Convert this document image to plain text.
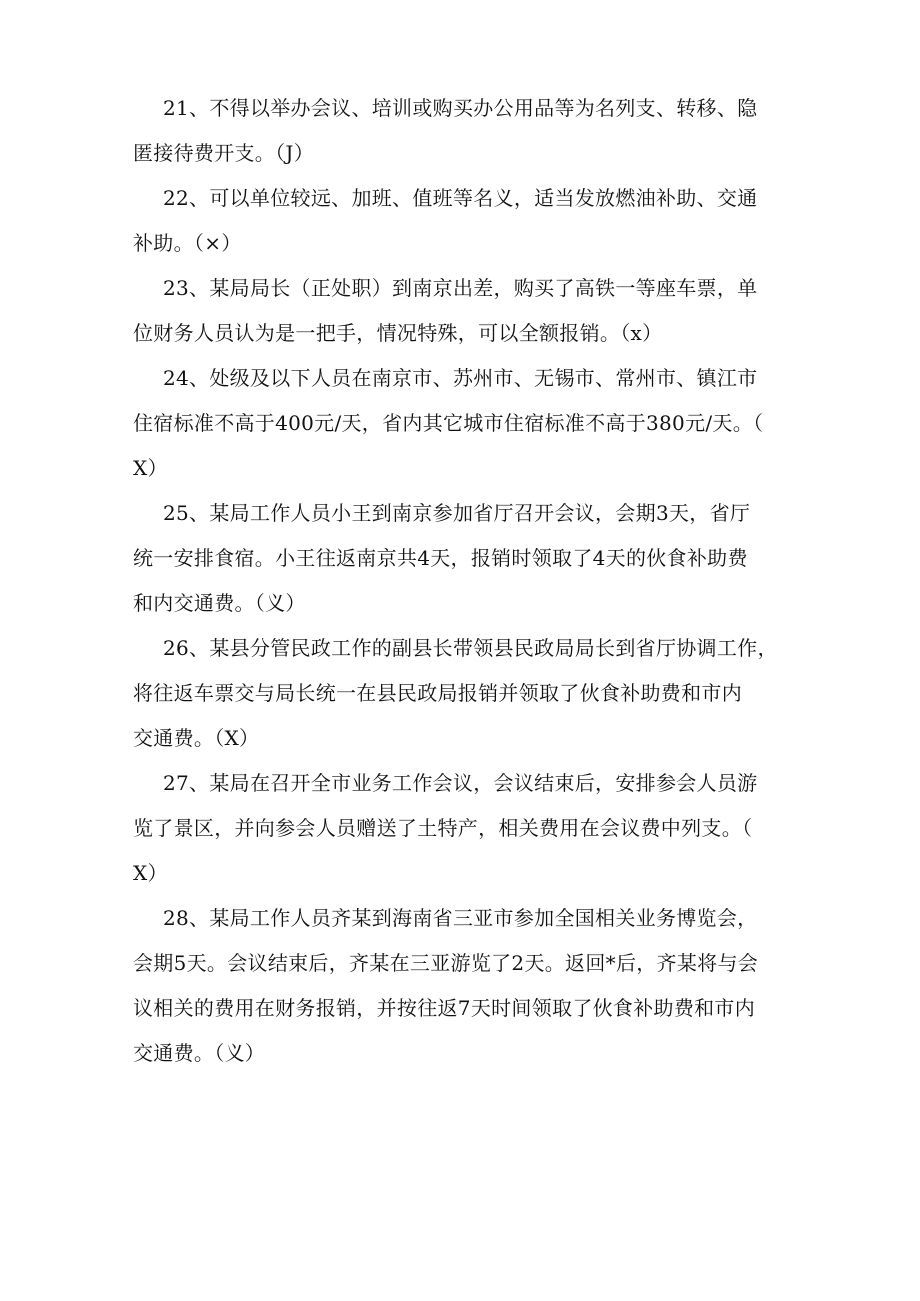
21、不得以举办会议、培训或购买办公用品等为名列支、转移、隐
匿接待费开支。（J）
22、可以单位较远、加班、值班等名义，适当发放燃油补助、交通
补助。（×）
23、某局局长（正处职）到南京出差，购买了高铁一等座车票，单
位财务人员认为是一把手，情况特殊，可以全额报销。（x）
24、处级及以下人员在南京市、苏州市、无锡市、常州市、镇江市
住宿标准不高于400元/天，省内其它城市住宿标准不高于380元/天。（
X）
25、某局工作人员小王到南京参加省厅召开会议，会期3天，省厅
统一安排食宿。小王往返南京共4天，报销时领取了4天的伙食补助费
和内交通费。（义）
26、某县分管民政工作的副县长带领县民政局局长到省厅协调工作，
将往返车票交与局长统一在县民政局报销并领取了伙食补助费和市内
交通费。（X）
27、某局在召开全市业务工作会议，会议结束后，安排参会人员游
览了景区，并向参会人员赠送了土特产，相关费用在会议费中列支。（
X）
28、某局工作人员齐某到海南省三亚市参加全国相关业务博览会，
会期5天。会议结束后，齐某在三亚游览了2天。返回*后，齐某将与会
议相关的费用在财务报销，并按往返7天时间领取了伙食补助费和市内
交通费。（义）
